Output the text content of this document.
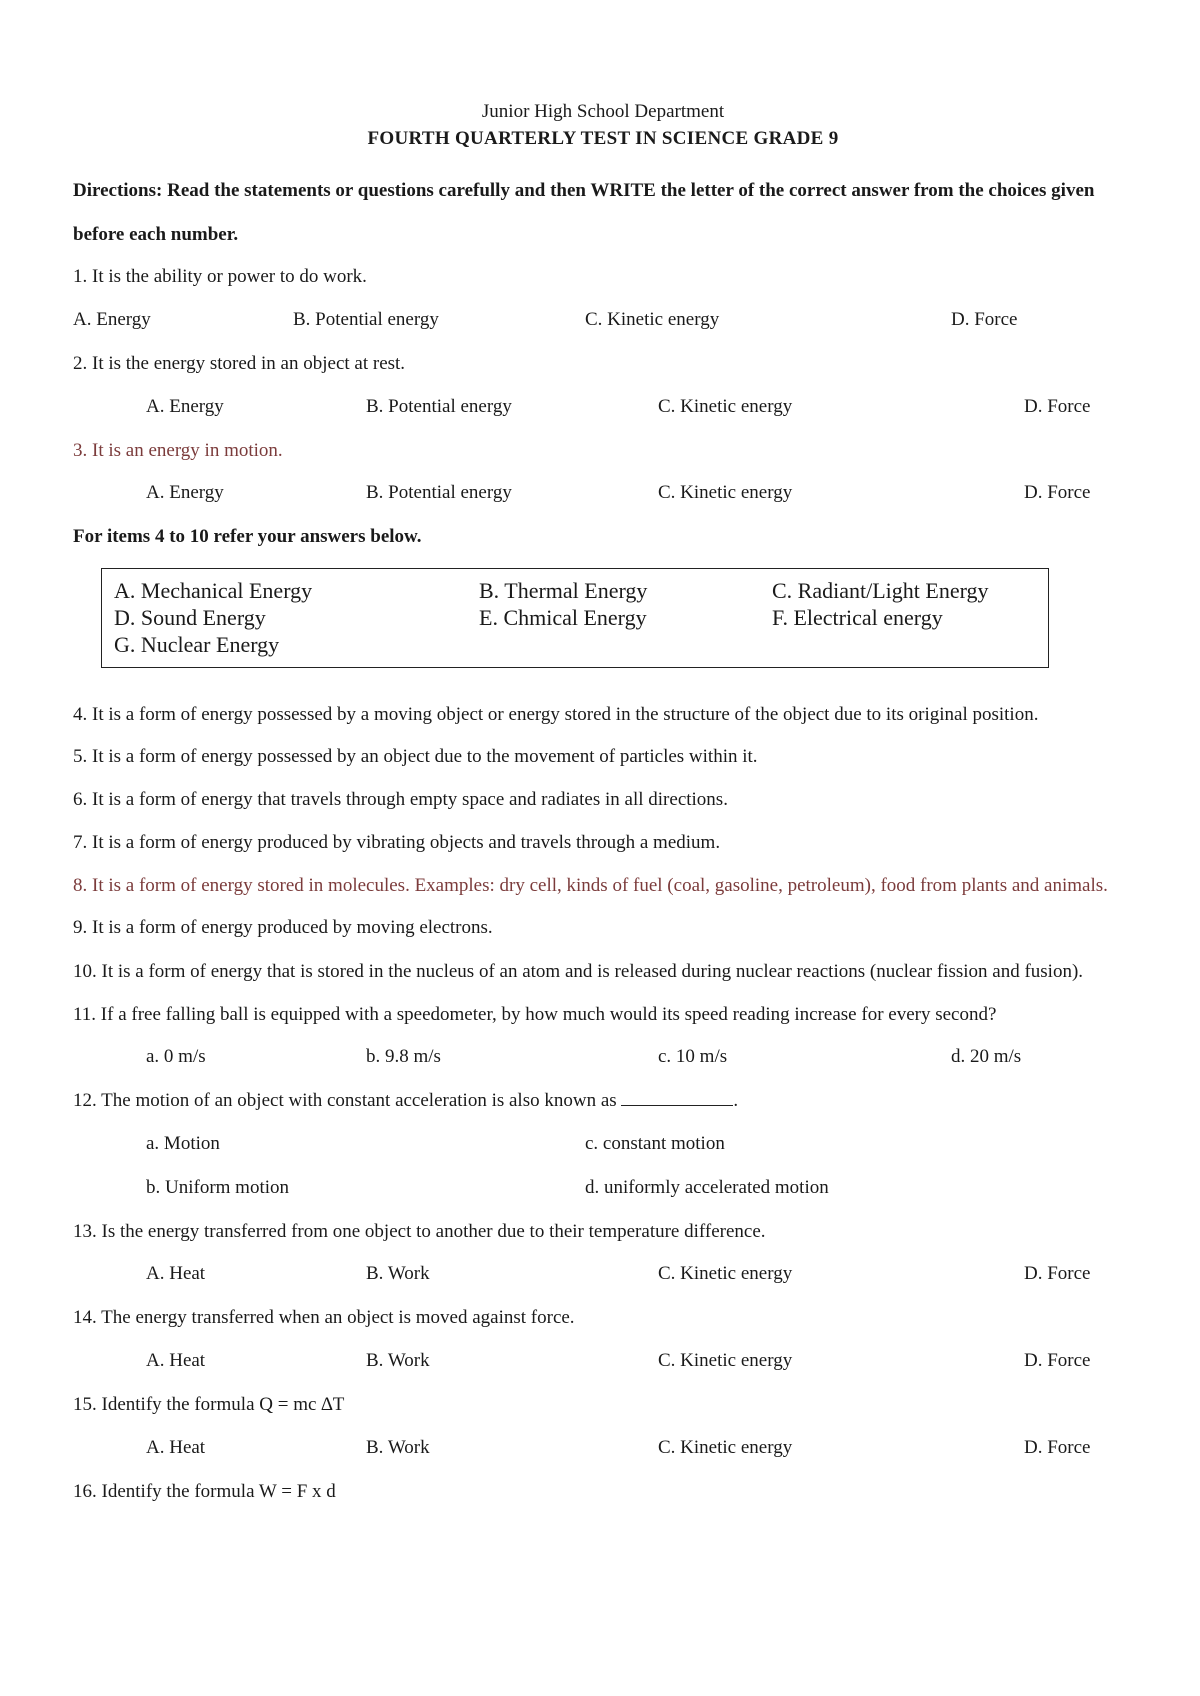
Junior High School Department

FOURTH QUARTERLY TEST IN SCIENCE GRADE 9

Directions: Read the statements or questions carefully and then WRITE the letter of the correct answer from the choices given before each number.

1. It is the ability or power to do work.

A. Energy	B. Potential energy	C. Kinetic energy	D. Force

2. It is the energy stored in an object at rest.

A. Energy	B. Potential energy	C. Kinetic energy	D. Force

3. It is an energy in motion.

A. Energy	B. Potential energy	C. Kinetic energy	D. Force

For items 4 to 10 refer your answers below.

A. Mechanical Energy	B. Thermal Energy	C. Radiant/Light Energy
D. Sound Energy	E. Chmical Energy	F. Electrical energy
G. Nuclear Energy

4. It is a form of energy possessed by a moving object or energy stored in the structure of the object due to its original position.

5. It is a form of energy possessed by an object due to the movement of particles within it.

6. It is a form of energy that travels through empty space and radiates in all directions.

7. It is a form of energy produced by vibrating objects and travels through a medium.

8. It is a form of energy stored in molecules. Examples: dry cell, kinds of fuel (coal, gasoline, petroleum), food from plants and animals.

9. It is a form of energy produced by moving electrons.

10. It is a form of energy that is stored in the nucleus of an atom and is released during nuclear reactions (nuclear fission and fusion).

11. If a free falling ball is equipped with a speedometer, by how much would its speed reading increase for every second?

a. 0 m/s	b. 9.8 m/s	c. 10 m/s	d. 20 m/s

12. The motion of an object with constant acceleration is also known as	.

a. Motion	c. constant motion
b. Uniform motion	d. uniformly accelerated motion

13. Is the energy transferred from one object to another due to their temperature difference.

A. Heat	B. Work	C. Kinetic energy	D. Force

14. The energy transferred when an object is moved against force.

A. Heat	B. Work	C. Kinetic energy	D. Force

15. Identify the formula Q = mc ∆T

A. Heat	B. Work	C. Kinetic energy	D. Force

16. Identify the formula W = F x d
